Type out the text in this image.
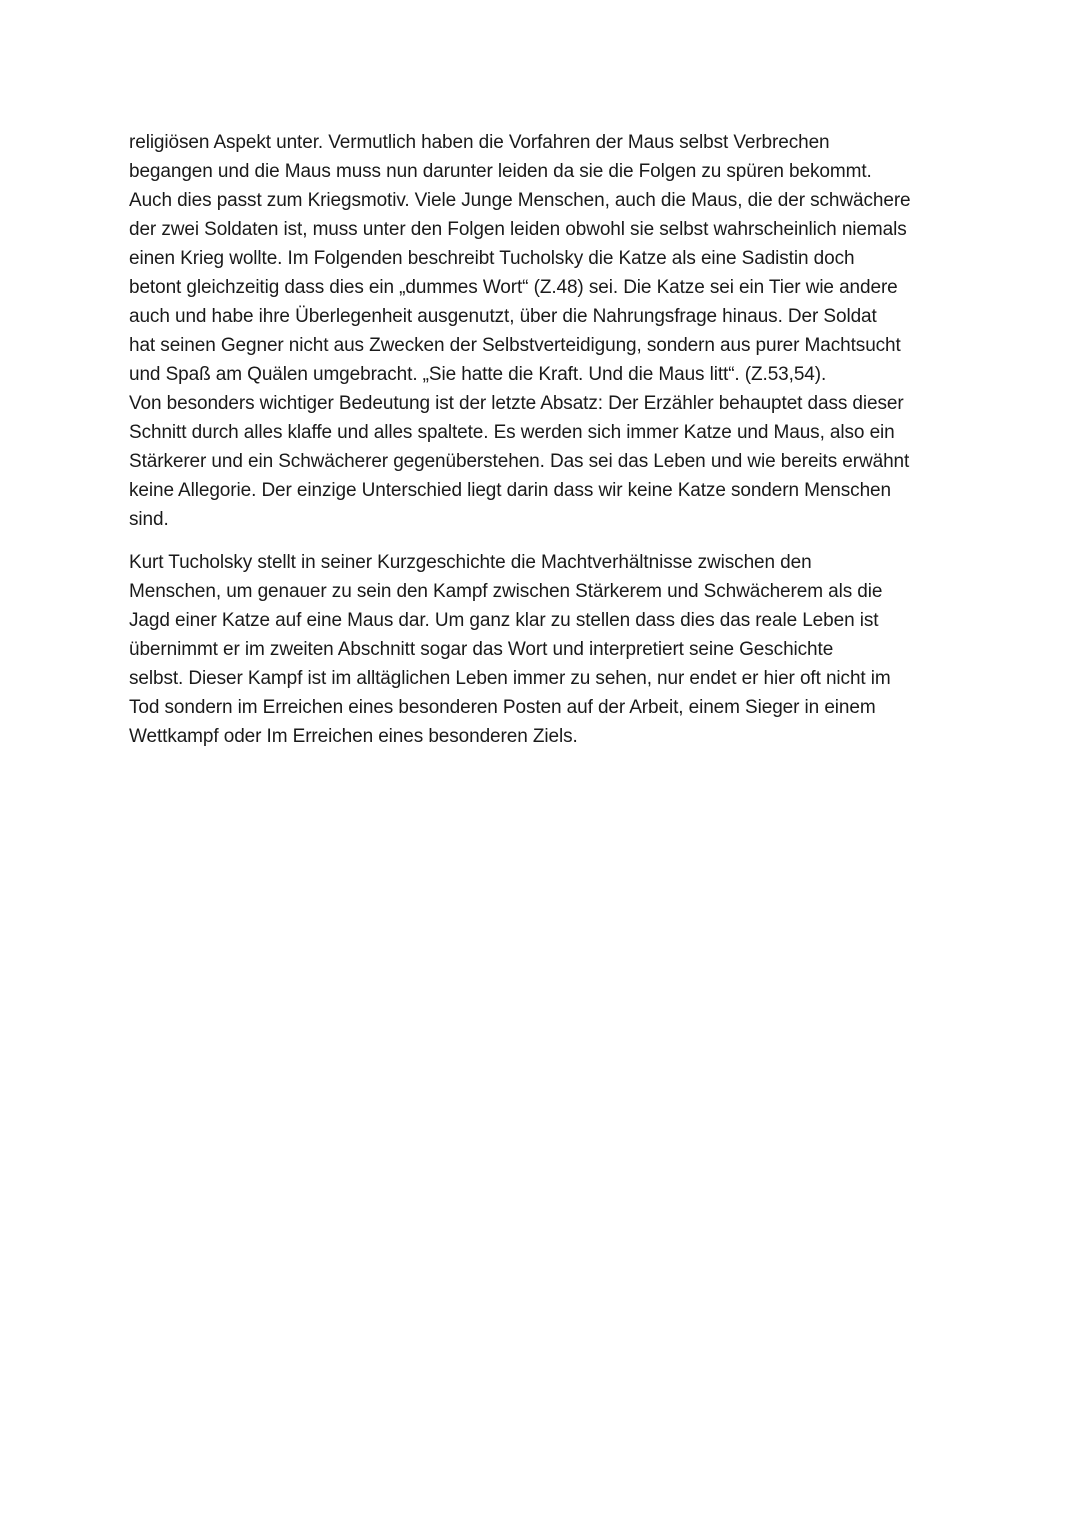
religiösen Aspekt unter. Vermutlich haben die Vorfahren der Maus selbst Verbrechen
begangen und die Maus muss nun darunter leiden da sie die Folgen zu spüren bekommt.
Auch dies passt zum Kriegsmotiv. Viele Junge Menschen, auch die Maus, die der schwächere
der zwei Soldaten ist, muss unter den Folgen leiden obwohl sie selbst wahrscheinlich niemals
einen Krieg wollte. Im Folgenden beschreibt Tucholsky die Katze als eine Sadistin doch
betont gleichzeitig dass dies ein „dummes Wort“ (Z.48) sei. Die Katze sei ein Tier wie andere
auch und habe ihre Überlegenheit ausgenutzt, über die Nahrungsfrage hinaus. Der Soldat
hat seinen Gegner nicht aus Zwecken der Selbstverteidigung, sondern aus purer Machtsucht
und Spaß am Quälen umgebracht. „Sie hatte die Kraft. Und die Maus litt“. (Z.53,54).
Von besonders wichtiger Bedeutung ist der letzte Absatz: Der Erzähler behauptet dass dieser
Schnitt durch alles klaffe und alles spaltete. Es werden sich immer Katze und Maus, also ein
Stärkerer und ein Schwächerer gegenüberstehen. Das sei das Leben und wie bereits erwähnt
keine Allegorie. Der einzige Unterschied liegt darin dass wir keine Katze sondern Menschen
sind.

Kurt Tucholsky stellt in seiner Kurzgeschichte die Machtverhältnisse zwischen den
Menschen, um genauer zu sein den Kampf zwischen Stärkerem und Schwächerem als die
Jagd einer Katze auf eine Maus dar. Um ganz klar zu stellen dass dies das reale Leben ist
übernimmt er im zweiten Abschnitt sogar das Wort und interpretiert seine Geschichte
selbst. Dieser Kampf ist im alltäglichen Leben immer zu sehen, nur endet er hier oft nicht im
Tod sondern im Erreichen eines besonderen Posten auf der Arbeit, einem Sieger in einem
Wettkampf oder Im Erreichen eines besonderen Ziels.
